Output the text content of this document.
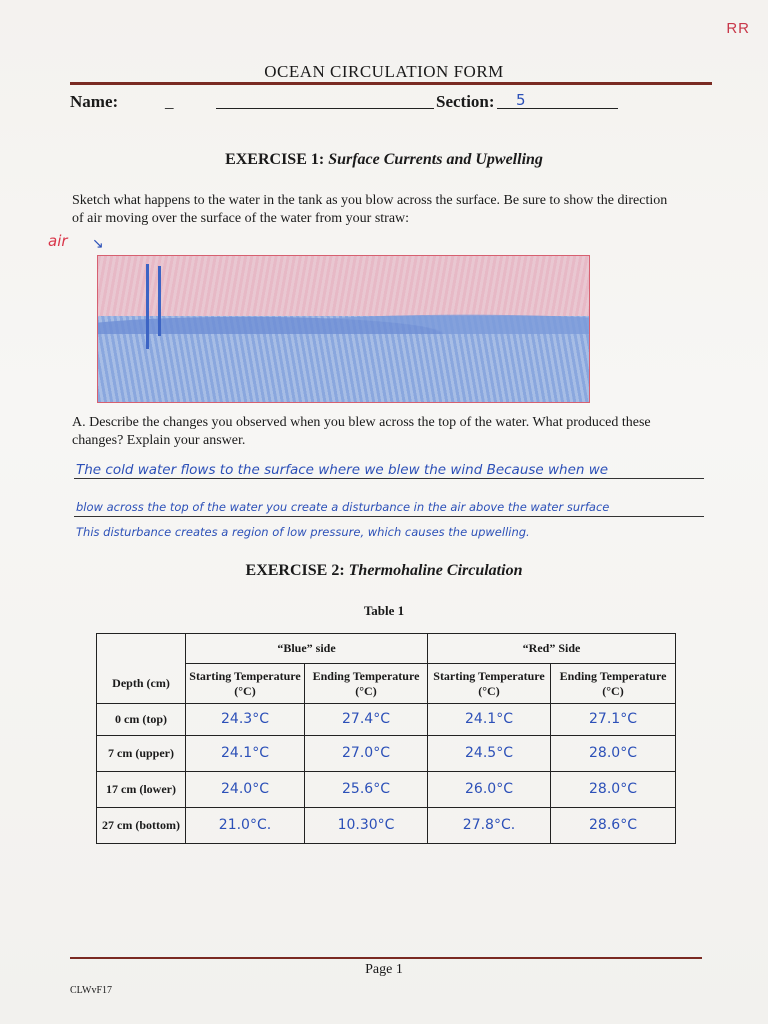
RR
OCEAN CIRCULATION FORM
Name:	_	Section: 5
EXERCISE 1: Surface Currents and Upwelling
Sketch what happens to the water in the tank as you blow across the surface. Be sure to show the direction of air moving over the surface of the water from your straw:
air ↘
A. Describe the changes you observed when you blew across the top of the water. What produced these changes? Explain your answer.
The cold water flows to the surface where we blew the wind Because when we
blow across the top of the water you create a disturbance in the air above the water surface
This disturbance creates a region of low pressure, which causes the upwelling.
EXERCISE 2: Thermohaline Circulation
Table 1
	“Blue” side		“Red” Side	
Depth (cm)	Starting Temperature (°C)	Ending Temperature (°C)	Starting Temperature (°C)	Ending Temperature (°C)
0 cm (top)	24.3°C	27.4°C	24.1°C	27.1°C
7 cm (upper)	24.1°C	27.0°C	24.5°C	28.0°C
17 cm (lower)	24.0°C	25.6°C	26.0°C	28.0°C
27 cm (bottom)	21.0°C.	10.30°C	27.8°C.	28.6°C
Page 1
CLWvF17
